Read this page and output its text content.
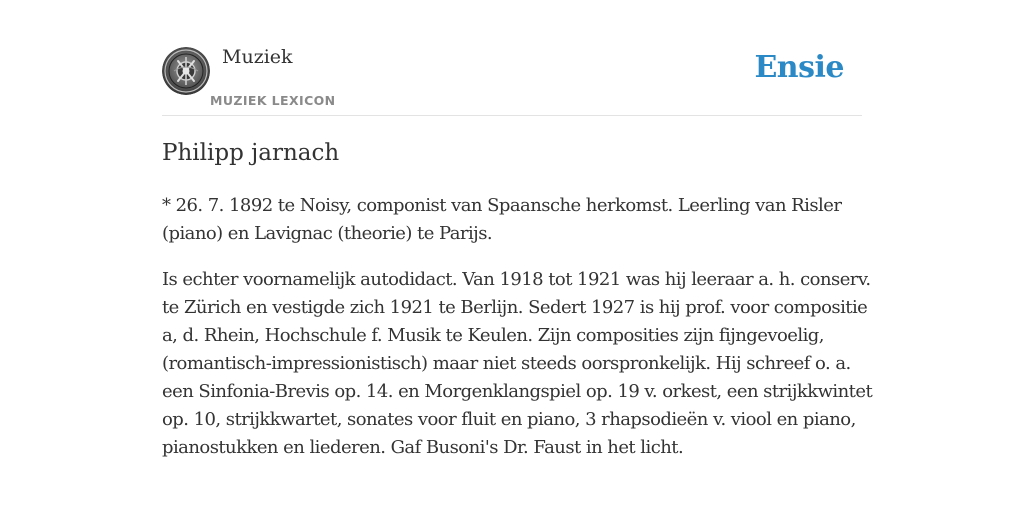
Muziek
MUZIEK LEXICON
Ensie
Philipp jarnach

* 26. 7. 1892 te Noisy, componist van Spaansche herkomst. Leerling van Risler (piano) en Lavignac (theorie) te Parijs.

Is echter voornamelijk autodidact. Van 1918 tot 1921 was hij leeraar a. h. conserv. te Zürich en vestigde zich 1921 te Berlijn. Sedert 1927 is hij prof. voor compositie a, d. Rhein, Hochschule f. Musik te Keulen. Zijn composities zijn fijngevoelig, (romantisch-impressionistisch) maar niet steeds oorspronkelijk. Hij schreef o. a. een Sinfonia-Brevis op. 14. en Morgenklangspiel op. 19 v. orkest, een strijkkwintet op. 10, strijkkwartet, sonates voor fluit en piano, 3 rhapsodieën v. viool en piano, pianostukken en liederen. Gaf Busoni's Dr. Faust in het licht.
